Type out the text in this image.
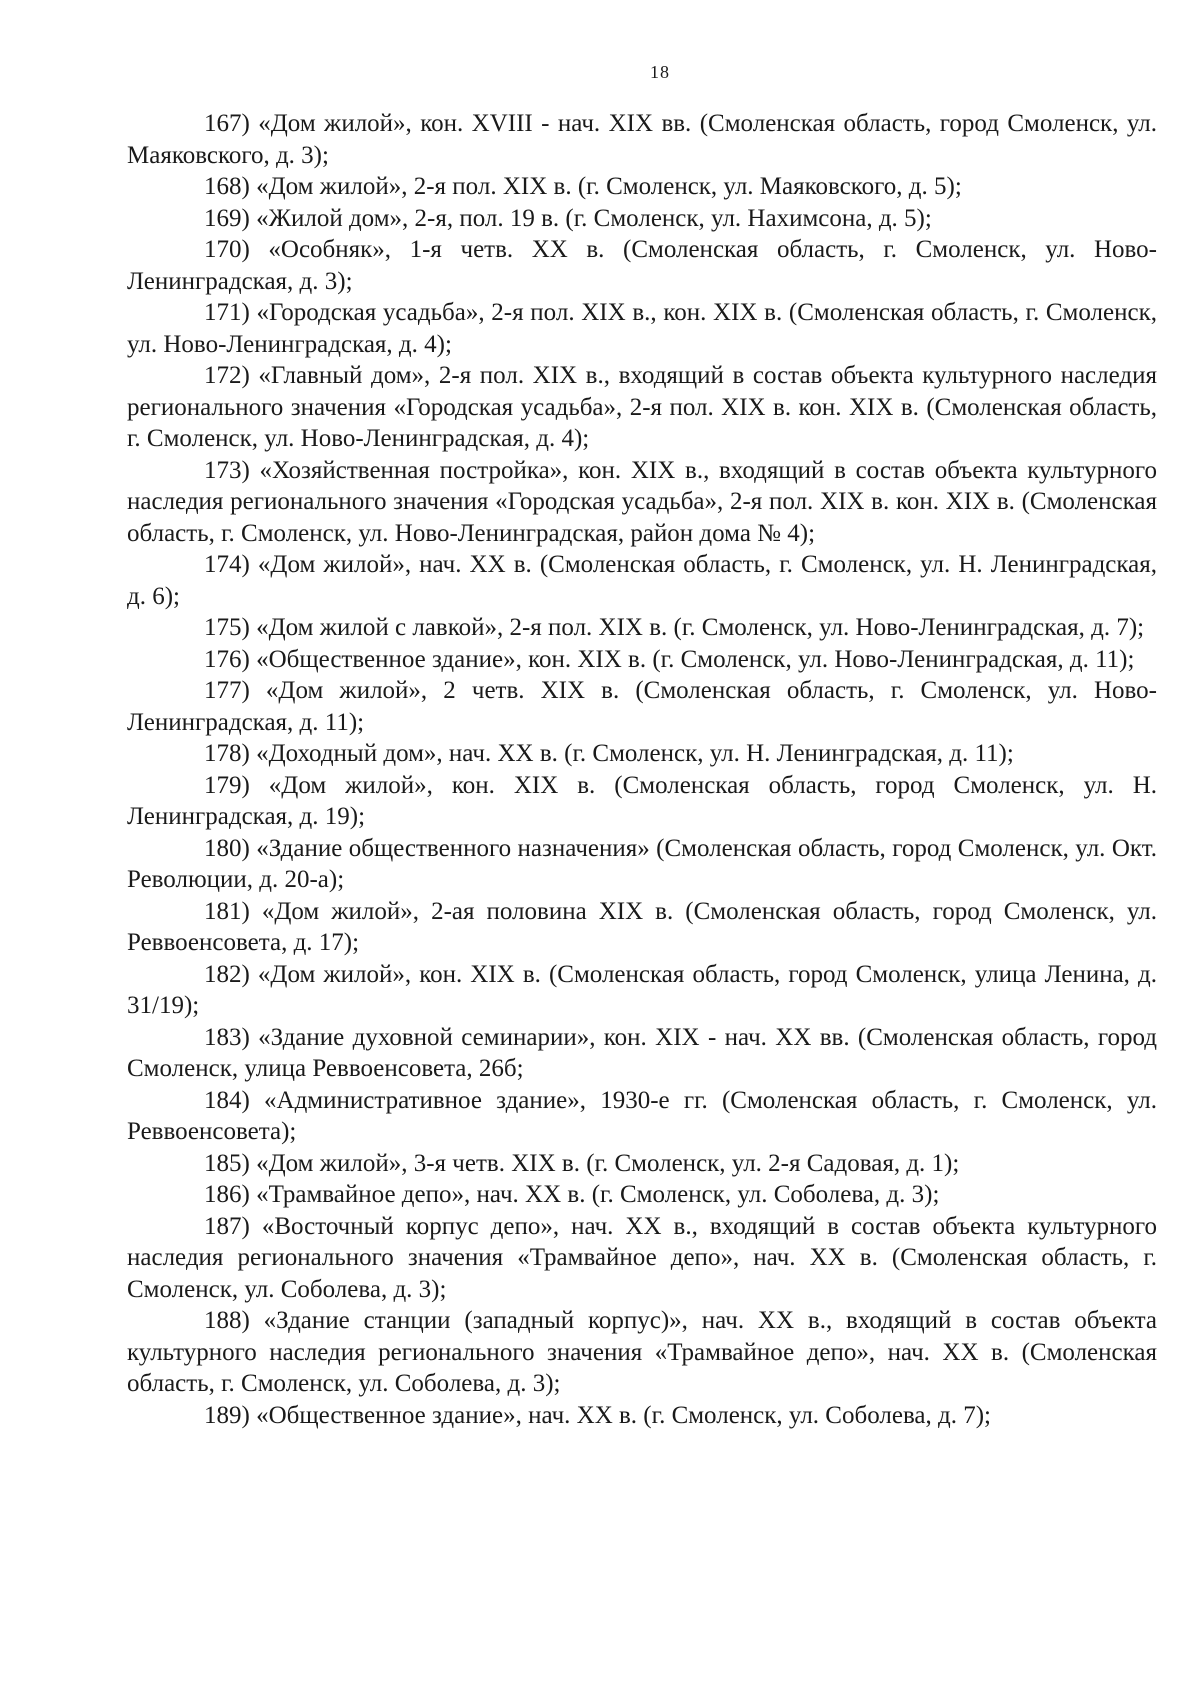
18

167) «Дом жилой», кон. XVIII - нач. XIX вв. (Смоленская область, город Смоленск, ул. Маяковского, д. 3);

168) «Дом жилой», 2-я пол. XIX в. (г. Смоленск, ул. Маяковского, д. 5);

169) «Жилой дом», 2-я, пол. 19 в. (г. Смоленск, ул. Нахимсона, д. 5);

170) «Особняк», 1-я четв. XX в. (Смоленская область, г. Смоленск, ул. Ново-Ленинградская, д. 3);

171) «Городская усадьба», 2-я пол. XIX в., кон. XIX в. (Смоленская область, г. Смоленск, ул. Ново-Ленинградская, д. 4);

172) «Главный дом», 2-я пол. XIX в., входящий в состав объекта культурного наследия регионального значения «Городская усадьба», 2-я пол. XIX в. кон. XIX в. (Смоленская область, г. Смоленск, ул. Ново-Ленинградская, д. 4);

173) «Хозяйственная постройка», кон. XIX в., входящий в состав объекта культурного наследия регионального значения «Городская усадьба», 2-я пол. XIX в. кон. XIX в. (Смоленская область, г. Смоленск, ул. Ново-Ленинградская, район дома № 4);

174) «Дом жилой», нач. XX в. (Смоленская область, г. Смоленск, ул. Н. Ленинградская, д. 6);

175) «Дом жилой с лавкой», 2-я пол. XIX в. (г. Смоленск, ул. Ново-Ленинградская, д. 7);

176) «Общественное здание», кон. XIX в. (г. Смоленск, ул. Ново-Ленинградская, д. 11);

177) «Дом жилой», 2 четв. XIX в. (Смоленская область, г. Смоленск, ул. Ново-Ленинградская, д. 11);

178) «Доходный дом», нач. XX в. (г. Смоленск, ул. Н. Ленинградская, д. 11);

179) «Дом жилой», кон. XIX в. (Смоленская область, город Смоленск, ул. Н. Ленинградская, д. 19);

180) «Здание общественного назначения» (Смоленская область, город Смоленск, ул. Окт. Революции, д. 20-а);

181) «Дом жилой», 2-ая половина XIX в. (Смоленская область, город Смоленск, ул. Реввоенсовета, д. 17);

182) «Дом жилой», кон. XIX в. (Смоленская область, город Смоленск, улица Ленина, д. 31/19);

183) «Здание духовной семинарии», кон. XIX - нач. XX вв. (Смоленская область, город Смоленск, улица Реввоенсовета, 26б;

184) «Административное здание», 1930-е гг. (Смоленская область, г. Смоленск, ул. Реввоенсовета);

185) «Дом жилой», 3-я четв. XIX в. (г. Смоленск, ул. 2-я Садовая, д. 1);

186) «Трамвайное депо», нач. XX в. (г. Смоленск, ул. Соболева, д. 3);

187) «Восточный корпус депо», нач. XX в., входящий в состав объекта культурного наследия регионального значения «Трамвайное депо», нач. XX в. (Смоленская область, г. Смоленск, ул. Соболева, д. 3);

188) «Здание станции (западный корпус)», нач. XX в., входящий в состав объекта культурного наследия регионального значения «Трамвайное депо», нач. XX в. (Смоленская область, г. Смоленск, ул. Соболева, д. 3);

189) «Общественное здание», нач. XX в. (г. Смоленск, ул. Соболева, д. 7);
